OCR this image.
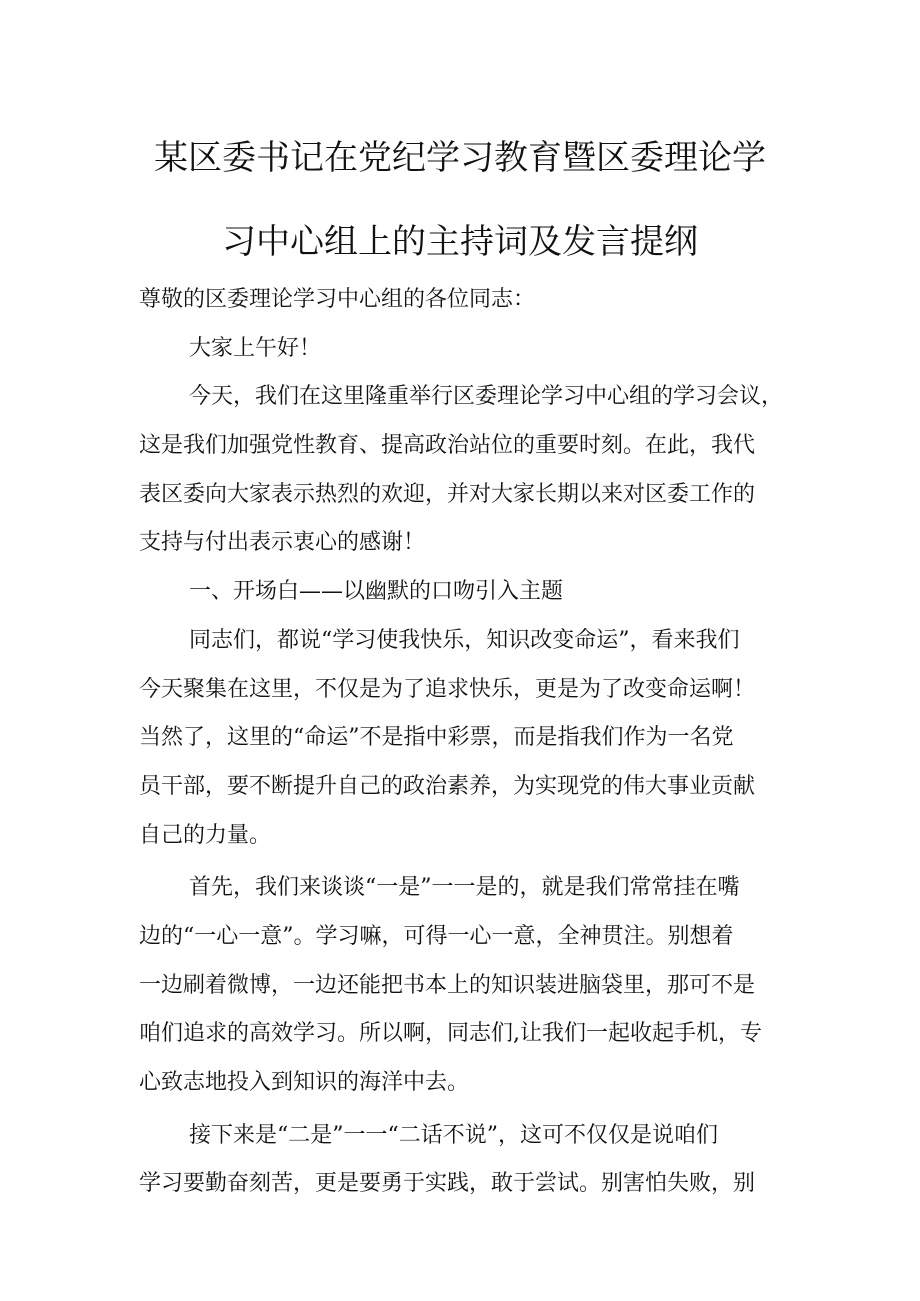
某区委书记在党纪学习教育暨区委理论学
习中心组上的主持词及发言提纲
尊敬的区委理论学习中心组的各位同志：
大家上午好！
今天，我们在这里隆重举行区委理论学习中心组的学习会议，
这是我们加强党性教育、提高政治站位的重要时刻。在此，我代
表区委向大家表示热烈的欢迎，并对大家长期以来对区委工作的
支持与付出表示衷心的感谢！
一、开场白——以幽默的口吻引入主题
同志们，都说“学习使我快乐，知识改变命运”，看来我们
今天聚集在这里，不仅是为了追求快乐，更是为了改变命运啊！
当然了，这里的“命运”不是指中彩票，而是指我们作为一名党
员干部，要不断提升自己的政治素养，为实现党的伟大事业贡献
自己的力量。
首先，我们来谈谈“一是”一一是的，就是我们常常挂在嘴
边的“一心一意”。学习嘛，可得一心一意，全神贯注。别想着
一边刷着微博，一边还能把书本上的知识装进脑袋里，那可不是
咱们追求的高效学习。所以啊，同志们,让我们一起收起手机，专
心致志地投入到知识的海洋中去。
接下来是“二是”一一“二话不说”，这可不仅仅是说咱们
学习要勤奋刻苦，更是要勇于实践，敢于尝试。别害怕失败，别
